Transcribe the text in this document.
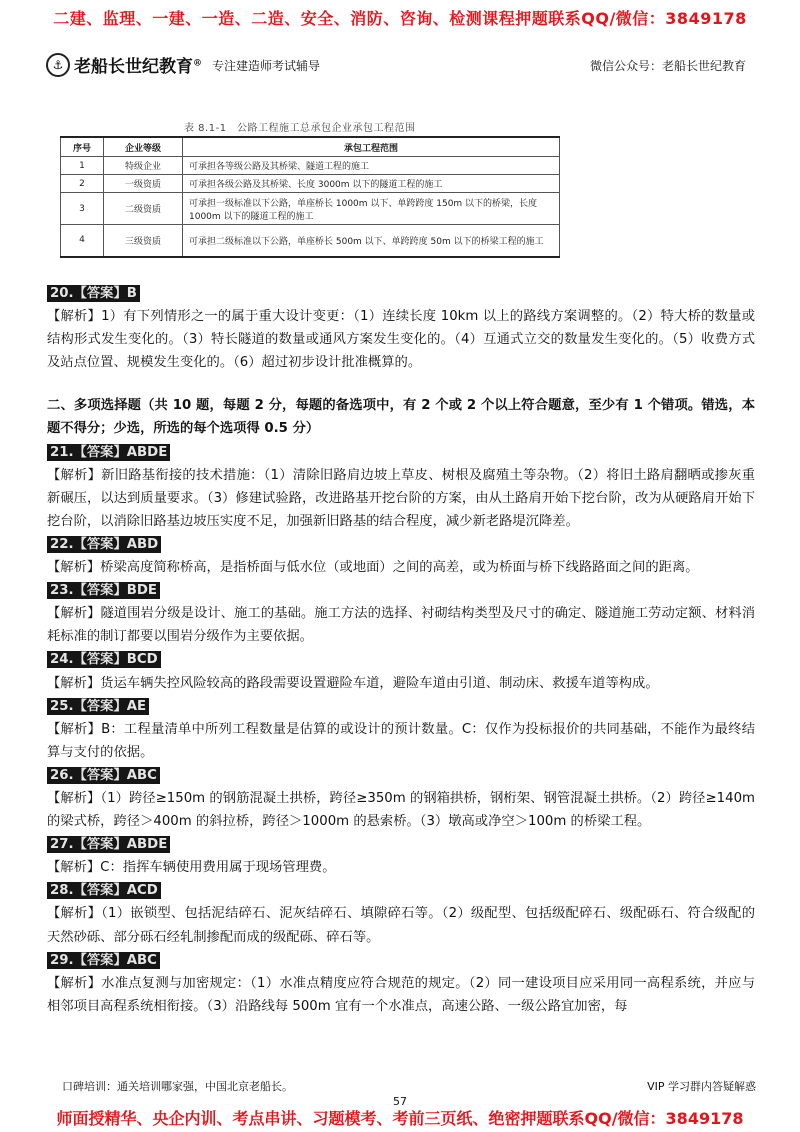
二建、监理、一建、一造、二造、安全、消防、咨询、检测课程押题联系QQ/微信：3849178
⚓ 老船长世纪教育® 专注建造师考试辅导	微信公众号：老船长世纪教育
表 8.1-1　公路工程施工总承包企业承包工程范围
序号	企业等级	承包工程范围
1	特级企业	可承担各等级公路及其桥梁、隧道工程的施工
2	一级资质	可承担各级公路及其桥梁、长度 3000m 以下的隧道工程的施工
3	二级资质	可承担一级标准以下公路，单座桥长 1000m 以下、单跨跨度 150m 以下的桥梁，长度 1000m 以下的隧道工程的施工
4	三级资质	可承担二级标准以下公路，单座桥长 500m 以下、单跨跨度 50m 以下的桥梁工程的施工

20.【答案】B

【解析】1）有下列情形之一的属于重大设计变更：（1）连续长度 10km 以上的路线方案调整的。（2）特大桥的数量或结构形式发生变化的。（3）特长隧道的数量或通风方案发生变化的。（4）互通式立交的数量发生变化的。（5）收费方式及站点位置、规模发生变化的。（6）超过初步设计批准概算的。

二、多项选择题（共 10 题，每题 2 分，每题的备选项中，有 2 个或 2 个以上符合题意，至少有 1 个错项。错选，本题不得分；少选，所选的每个选项得 0.5 分）

21.【答案】ABDE

【解析】新旧路基衔接的技术措施：（1）清除旧路肩边坡上草皮、树根及腐殖土等杂物。（2）将旧土路肩翻晒或掺灰重新碾压，以达到质量要求。（3）修建试验路，改进路基开挖台阶的方案，由从土路肩开始下挖台阶，改为从硬路肩开始下挖台阶，以消除旧路基边坡压实度不足，加强新旧路基的结合程度，减少新老路堤沉降差。

22.【答案】ABD

【解析】桥梁高度简称桥高，是指桥面与低水位（或地面）之间的高差，或为桥面与桥下线路路面之间的距离。

23.【答案】BDE

【解析】隧道围岩分级是设计、施工的基础。施工方法的选择、衬砌结构类型及尺寸的确定、隧道施工劳动定额、材料消耗标准的制订都要以围岩分级作为主要依据。

24.【答案】BCD

【解析】货运车辆失控风险较高的路段需要设置避险车道，避险车道由引道、制动床、救援车道等构成。

25.【答案】AE

【解析】B：工程量清单中所列工程数量是估算的或设计的预计数量。C：仅作为投标报价的共同基础，不能作为最终结算与支付的依据。

26.【答案】ABC

【解析】（1）跨径≥150m 的钢筋混凝土拱桥，跨径≥350m 的钢箱拱桥，钢桁架、钢管混凝土拱桥。（2）跨径≥140m 的梁式桥，跨径＞400m 的斜拉桥，跨径＞1000m 的悬索桥。（3）墩高或净空＞100m 的桥梁工程。

27.【答案】ABDE

【解析】C：指挥车辆使用费用属于现场管理费。

28.【答案】ACD

【解析】（1）嵌锁型、包括泥结碎石、泥灰结碎石、填隙碎石等。（2）级配型、包括级配碎石、级配砾石、符合级配的天然砂砾、部分砾石经轧制掺配而成的级配砾、碎石等。

29.【答案】ABC

【解析】水准点复测与加密规定：（1）水准点精度应符合规范的规定。（2）同一建设项目应采用同一高程系统，并应与相邻项目高程系统相衔接。（3）沿路线每 500m 宜有一个水准点，高速公路、一级公路宜加密，每

口碑培训：通关培训哪家强，中国北京老船长。	VIP 学习群内答疑解惑
57
师面授精华、央企内训、考点串讲、习题模考、考前三页纸、绝密押题联系QQ/微信：3849178
